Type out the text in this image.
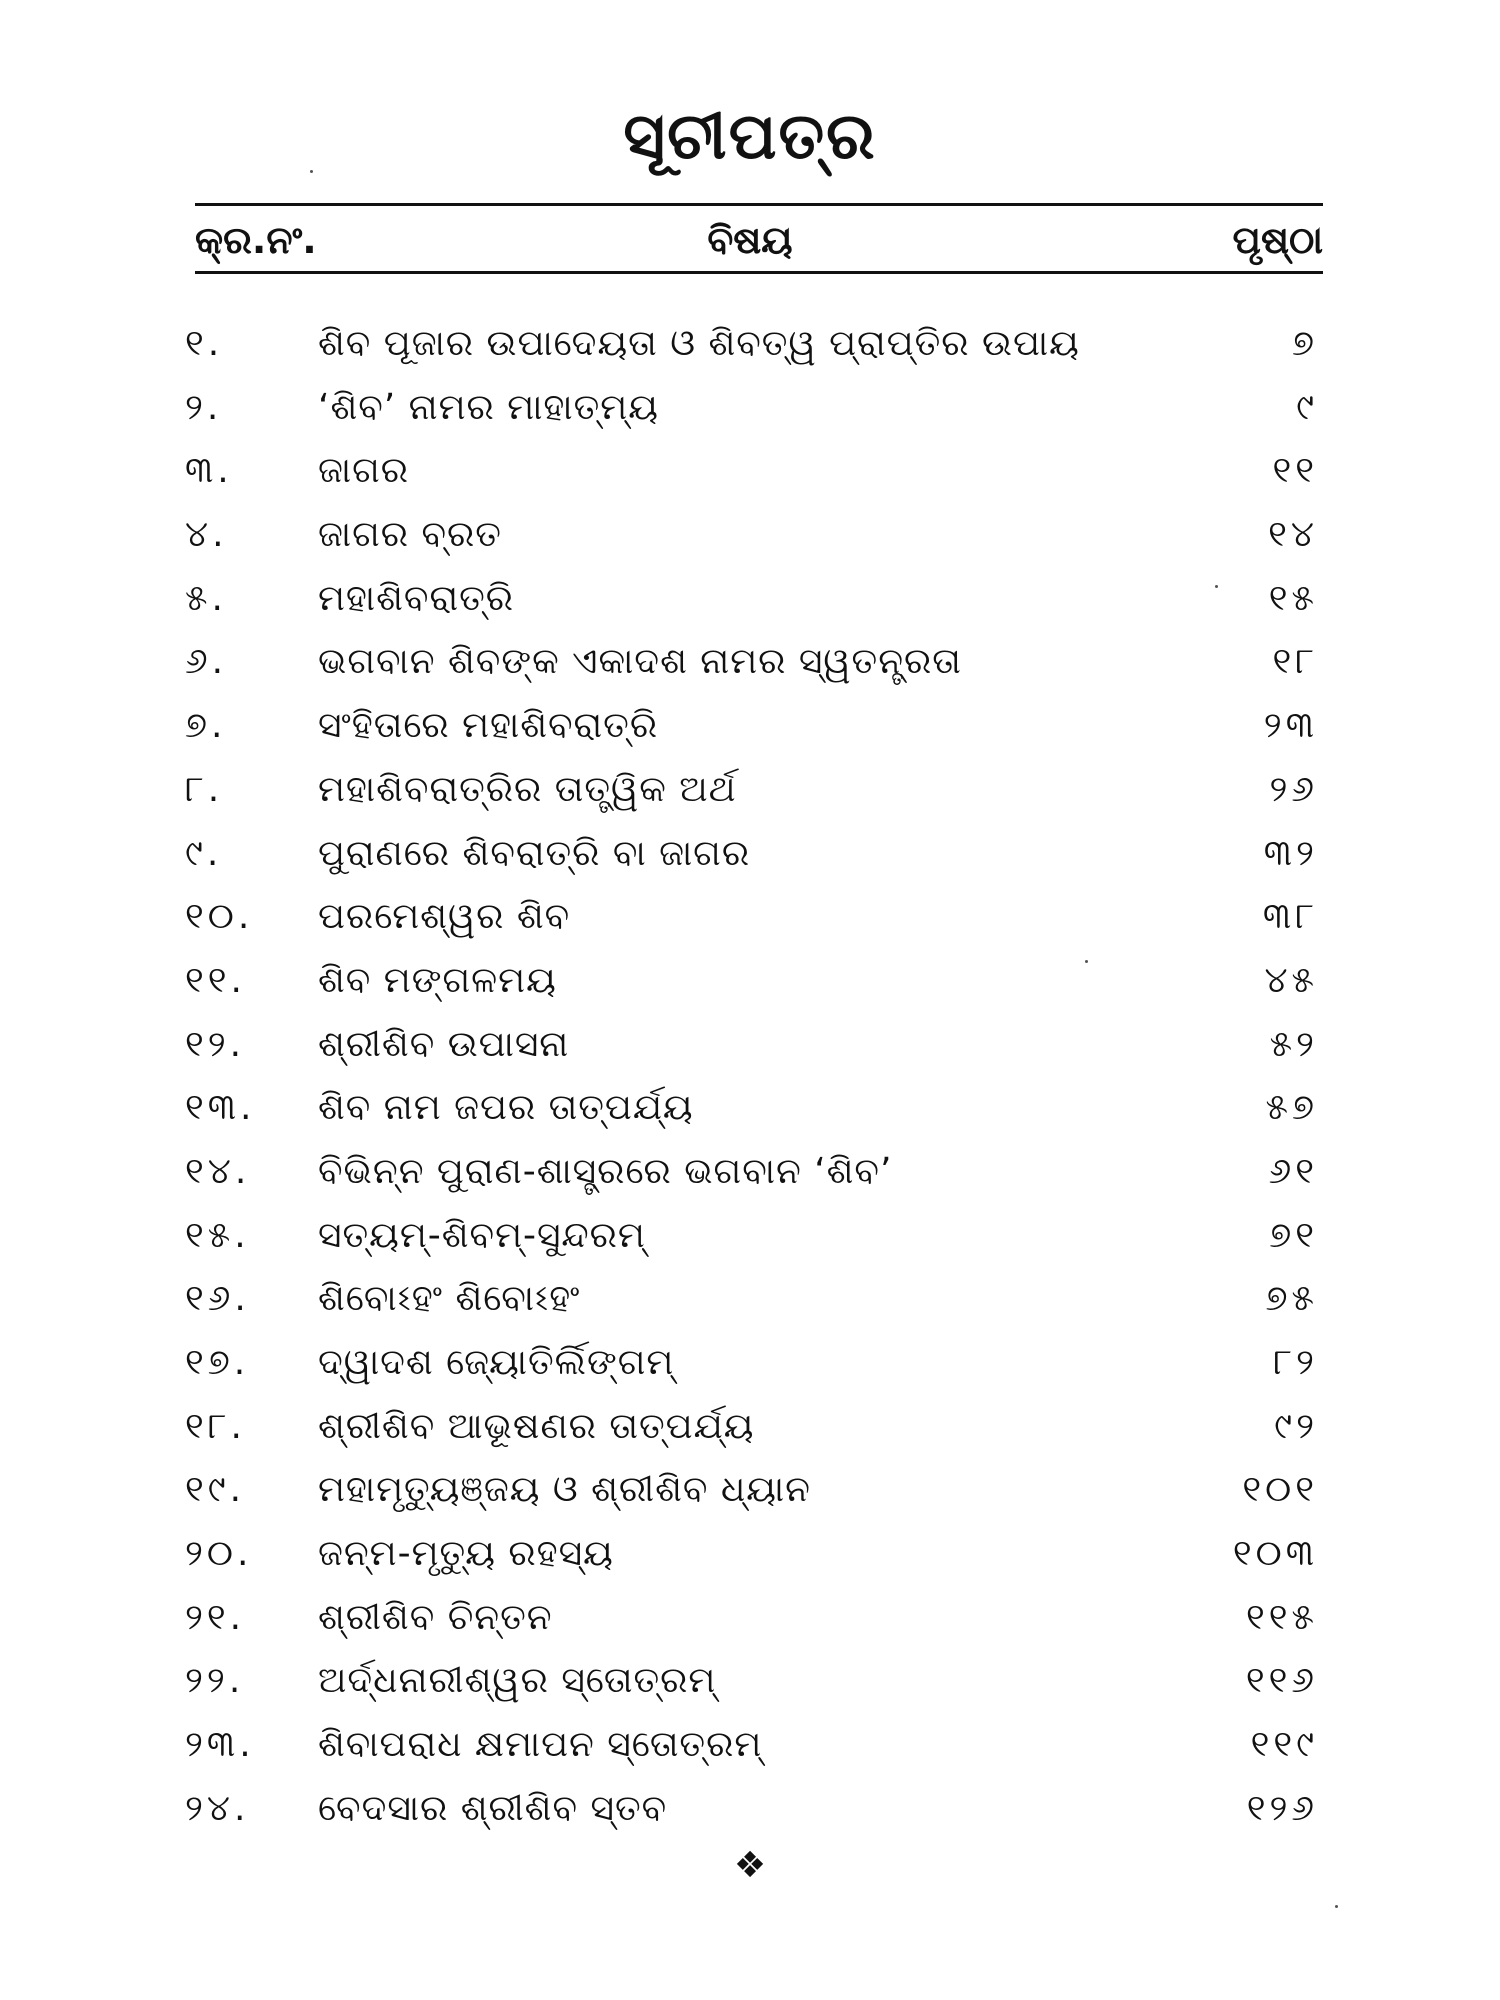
ସୂଚୀପତ୍ର
କ୍ର.ନଂ.	ବିଷୟ	ପୃଷ୍ଠା
୧.	ଶିବ ପୂଜାର ଉପାଦେୟତା ଓ ଶିବତ୍ୱ ପ୍ରାପ୍ତିର ଉପାୟ	୭
୨.	‘ଶିବ’ ନାମର ମାହାତ୍ମ୍ୟ	୯
୩.	ଜାଗର	୧୧
୪.	ଜାଗର ବ୍ରତ	୧୪
୫.	ମହାଶିବରାତ୍ରି	୧୫
୬.	ଭଗବାନ ଶିବଙ୍କ ଏକାଦଶ ନାମର ସ୍ୱତନ୍ତ୍ରତା	୧୮
୭.	ସଂହିତାରେ ମହାଶିବରାତ୍ରି	୨୩
୮.	ମହାଶିବରାତ୍ରିର ତାତ୍ତ୍ୱିକ ଅର୍ଥ	୨୬
୯.	ପୁରାଣରେ ଶିବରାତ୍ରି ବା ଜାଗର	୩୨
୧୦.	ପରମେଶ୍ୱର ଶିବ	୩୮
୧୧.	ଶିବ ମଙ୍ଗଳମୟ	୪୫
୧୨.	ଶ୍ରୀଶିବ ଉପାସନା	୫୨
୧୩.	ଶିବ ନାମ ଜପର ତାତ୍ପର୍ଯ୍ୟ	୫୭
୧୪.	ବିଭିନ୍ନ ପୁରାଣ-ଶାସ୍ତ୍ରରେ ଭଗବାନ ‘ଶିବ’	୬୧
୧୫.	ସତ୍ୟମ୍-ଶିବମ୍-ସୁନ୍ଦରମ୍	୭୧
୧୬.	ଶିବୋଽହଂ ଶିବୋଽହଂ	୭୫
୧୭.	ଦ୍ୱାଦଶ ଜ୍ୟୋତିର୍ଲିଙ୍ଗମ୍	୮୨
୧୮.	ଶ୍ରୀଶିବ ଆଭୂଷଣର ତାତ୍ପର୍ଯ୍ୟ	୯୨
୧୯.	ମହାମୃତ୍ୟୁଞ୍ଜୟ ଓ ଶ୍ରୀଶିବ ଧ୍ୟାନ	୧୦୧
୨୦.	ଜନ୍ମ-ମୃତ୍ୟୁ ରହସ୍ୟ	୧୦୩
୨୧.	ଶ୍ରୀଶିବ ଚିନ୍ତନ	୧୧୫
୨୨.	ଅର୍ଦ୍ଧନାରୀଶ୍ୱର ସ୍ତୋତ୍ରମ୍	୧୧୬
୨୩.	ଶିବାପରାଧ କ୍ଷମାପନ ସ୍ତୋତ୍ରମ୍	୧୧୯
୨୪.	ବେଦସାର ଶ୍ରୀଶିବ ସ୍ତବ	୧୨୬
❖
